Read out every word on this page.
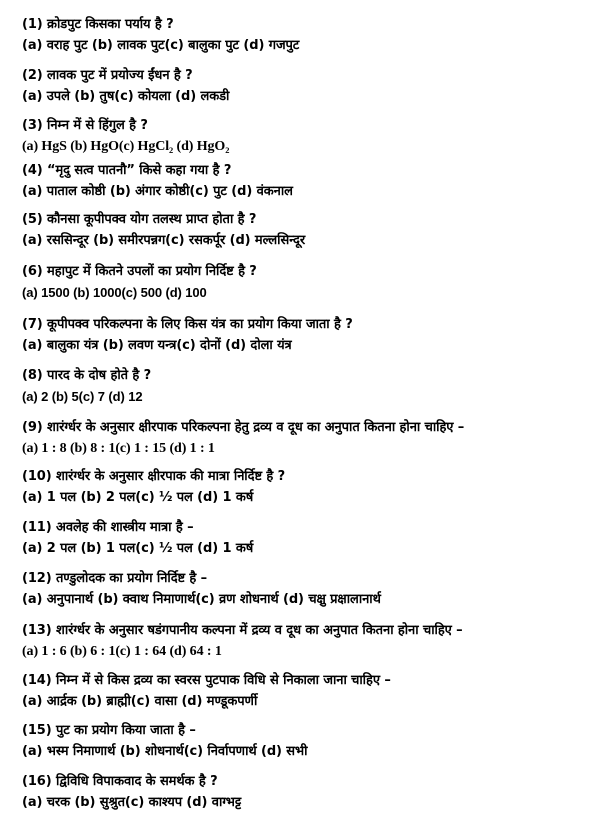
(1) क्रोडपुट किसका पर्याय है ?
(a) वराह पुट (b) लावक पुट(c) बालुका पुट (d) गजपुट
(2) लावक पुट में प्रयोज्य ईंधन है ?
(a) उपले (b) तुष(c) कोयला (d) लकडी
(3) निम्न में से हिंगुल है ?
(a) HgS (b) HgO(c) HgCl₂ (d) HgO₂
(4) “मृदु सत्व पातनौ” किसे कहा गया है ?
(a) पाताल कोष्ठी (b) अंगार कोष्ठी(c) पुट (d) वंकनाल
(5) कौनसा कूपीपक्व योग तलस्थ प्राप्त होता है ?
(a) रससिन्दूर (b) समीरपन्नग(c) रसकर्पूर (d) मल्लसिन्दूर
(6) महापुट में कितने उपलों का प्रयोग निर्दिष्ट है ?
(a) 1500 (b) 1000(c) 500 (d) 100
(7) कूपीपक्व परिकल्पना के लिए किस यंत्र का प्रयोग किया जाता है ?
(a) बालुका यंत्र (b) लवण यन्त्र(c) दोनों (d) दोला यंत्र
(8) पारद के दोष होते है ?
(a) 2 (b) 5(c) 7 (d) 12
(9) शारंर्ग्धर के अनुसार क्षीरपाक परिकल्पना हेतु द्रव्य व दूध का अनुपात कितना होना चाहिए –
(a) 1 : 8 (b) 8 : 1(c) 1 : 15 (d) 1 : 1
(10) शारंर्ग्धर के अनुसार क्षीरपाक की मात्रा निर्दिष्ट है ?
(a) 1 पल (b) 2 पल(c) ½ पल (d) 1 कर्ष
(11) अवलेह की शास्त्रीय मात्रा है –
(a) 2 पल (b) 1 पल(c) ½ पल (d) 1 कर्ष
(12) तण्डुलोदक का प्रयोग निर्दिष्ट है –
(a) अनुपानार्थ (b) क्वाथ निमाणार्थ(c) व्रण शोधनार्थ (d) चक्षु प्रक्षालानार्थ
(13) शारंर्ग्धर के अनुसार षडंगपानीय कल्पना में द्रव्य व दूध का अनुपात कितना होना चाहिए –
(a) 1 : 6 (b) 6 : 1(c) 1 : 64 (d) 64 : 1
(14) निम्न में से किस द्रव्य का स्वरस पुटपाक विधि से निकाला जाना चाहिए –
(a) आर्द्रक (b) ब्राह्मी(c) वासा (d) मण्डूकपर्णी
(15) पुट का प्रयोग किया जाता है –
(a) भस्म निमाणार्थ (b) शोधनार्थ(c) निर्वापणार्थ (d) सभी
(16) द्विविधि विपाकवाद के समर्थक है ?
(a) चरक (b) सुश्रुत(c) काश्यप (d) वाग्भट्ट
